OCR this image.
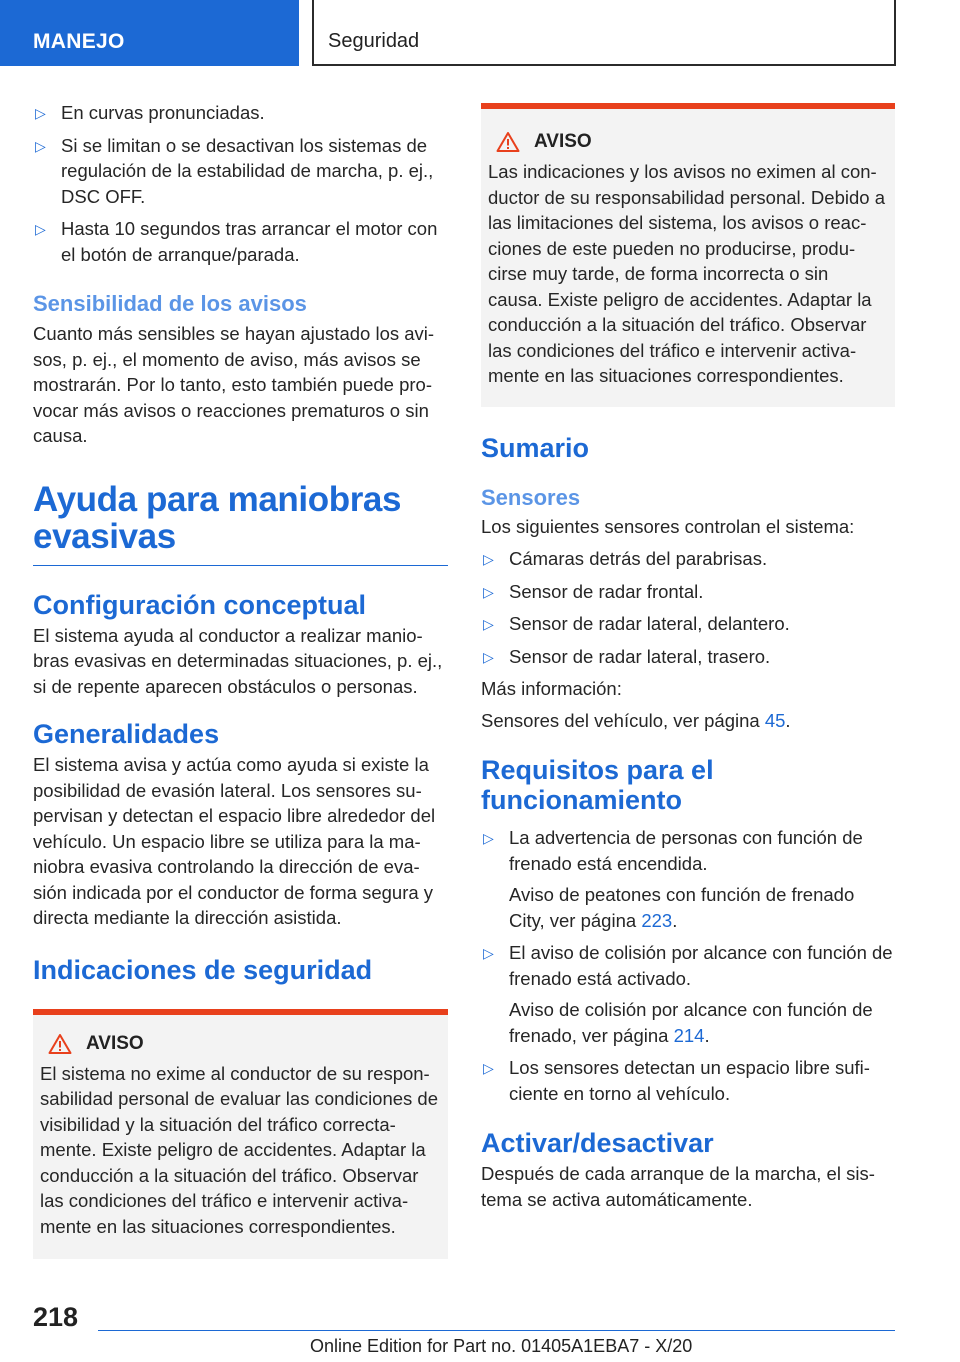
MANEJO	Seguridad
▷ En curvas pronunciadas.
▷ Si se limitan o se desactivan los sistemas de regulación de la estabilidad de marcha, p. ej., DSC OFF.
▷ Hasta 10 segundos tras arrancar el motor con el botón de arranque/parada.
Sensibilidad de los avisos

Cuanto más sensibles se hayan ajustado los avi- sos, p. ej., el momento de aviso, más avisos se mostrarán. Por lo tanto, esto también puede pro- vocar más avisos o reacciones prematuros o sin causa.

Ayuda para maniobras evasivas
Configuración conceptual

El sistema ayuda al conductor a realizar manio- bras evasivas en determinadas situaciones, p. ej., si de repente aparecen obstáculos o personas.

Generalidades

El sistema avisa y actúa como ayuda si existe la posibilidad de evasión lateral. Los sensores su- pervisan y detectan el espacio libre alrededor del vehículo. Un espacio libre se utiliza para la ma- niobra evasiva controlando la dirección de eva- sión indicada por el conductor de forma segura y directa mediante la dirección asistida.

Indicaciones de seguridad
AVISO

El sistema no exime al conductor de su respon- sabilidad personal de evaluar las condiciones de visibilidad y la situación del tráfico correcta- mente. Existe peligro de accidentes. Adaptar la conducción a la situación del tráfico. Observar las condiciones del tráfico e intervenir activa- mente en las situaciones correspondientes.

AVISO

Las indicaciones y los avisos no eximen al con- ductor de su responsabilidad personal. Debido a las limitaciones del sistema, los avisos o reac- ciones de este pueden no producirse, produ- cirse muy tarde, de forma incorrecta o sin causa. Existe peligro de accidentes. Adaptar la conducción a la situación del tráfico. Observar las condiciones del tráfico e intervenir activa- mente en las situaciones correspondientes.

Sumario
Sensores

Los siguientes sensores controlan el sistema:

▷ Cámaras detrás del parabrisas.
▷ Sensor de radar frontal.
▷ Sensor de radar lateral, delantero.
▷ Sensor de radar lateral, trasero.

Más información:

Sensores del vehículo, ver página 45.

Requisitos para el funcionamiento
▷ La advertencia de personas con función de frenado está encendida.
Aviso de peatones con función de frenado City, ver página 223.
▷ El aviso de colisión por alcance con función de frenado está activado.
Aviso de colisión por alcance con función de frenado, ver página 214.
▷ Los sensores detectan un espacio libre sufi- ciente en torno al vehículo.
Activar/desactivar

Después de cada arranque de la marcha, el sis- tema se activa automáticamente.

218
Online Edition for Part no. 01405A1EBA7 - X/20
